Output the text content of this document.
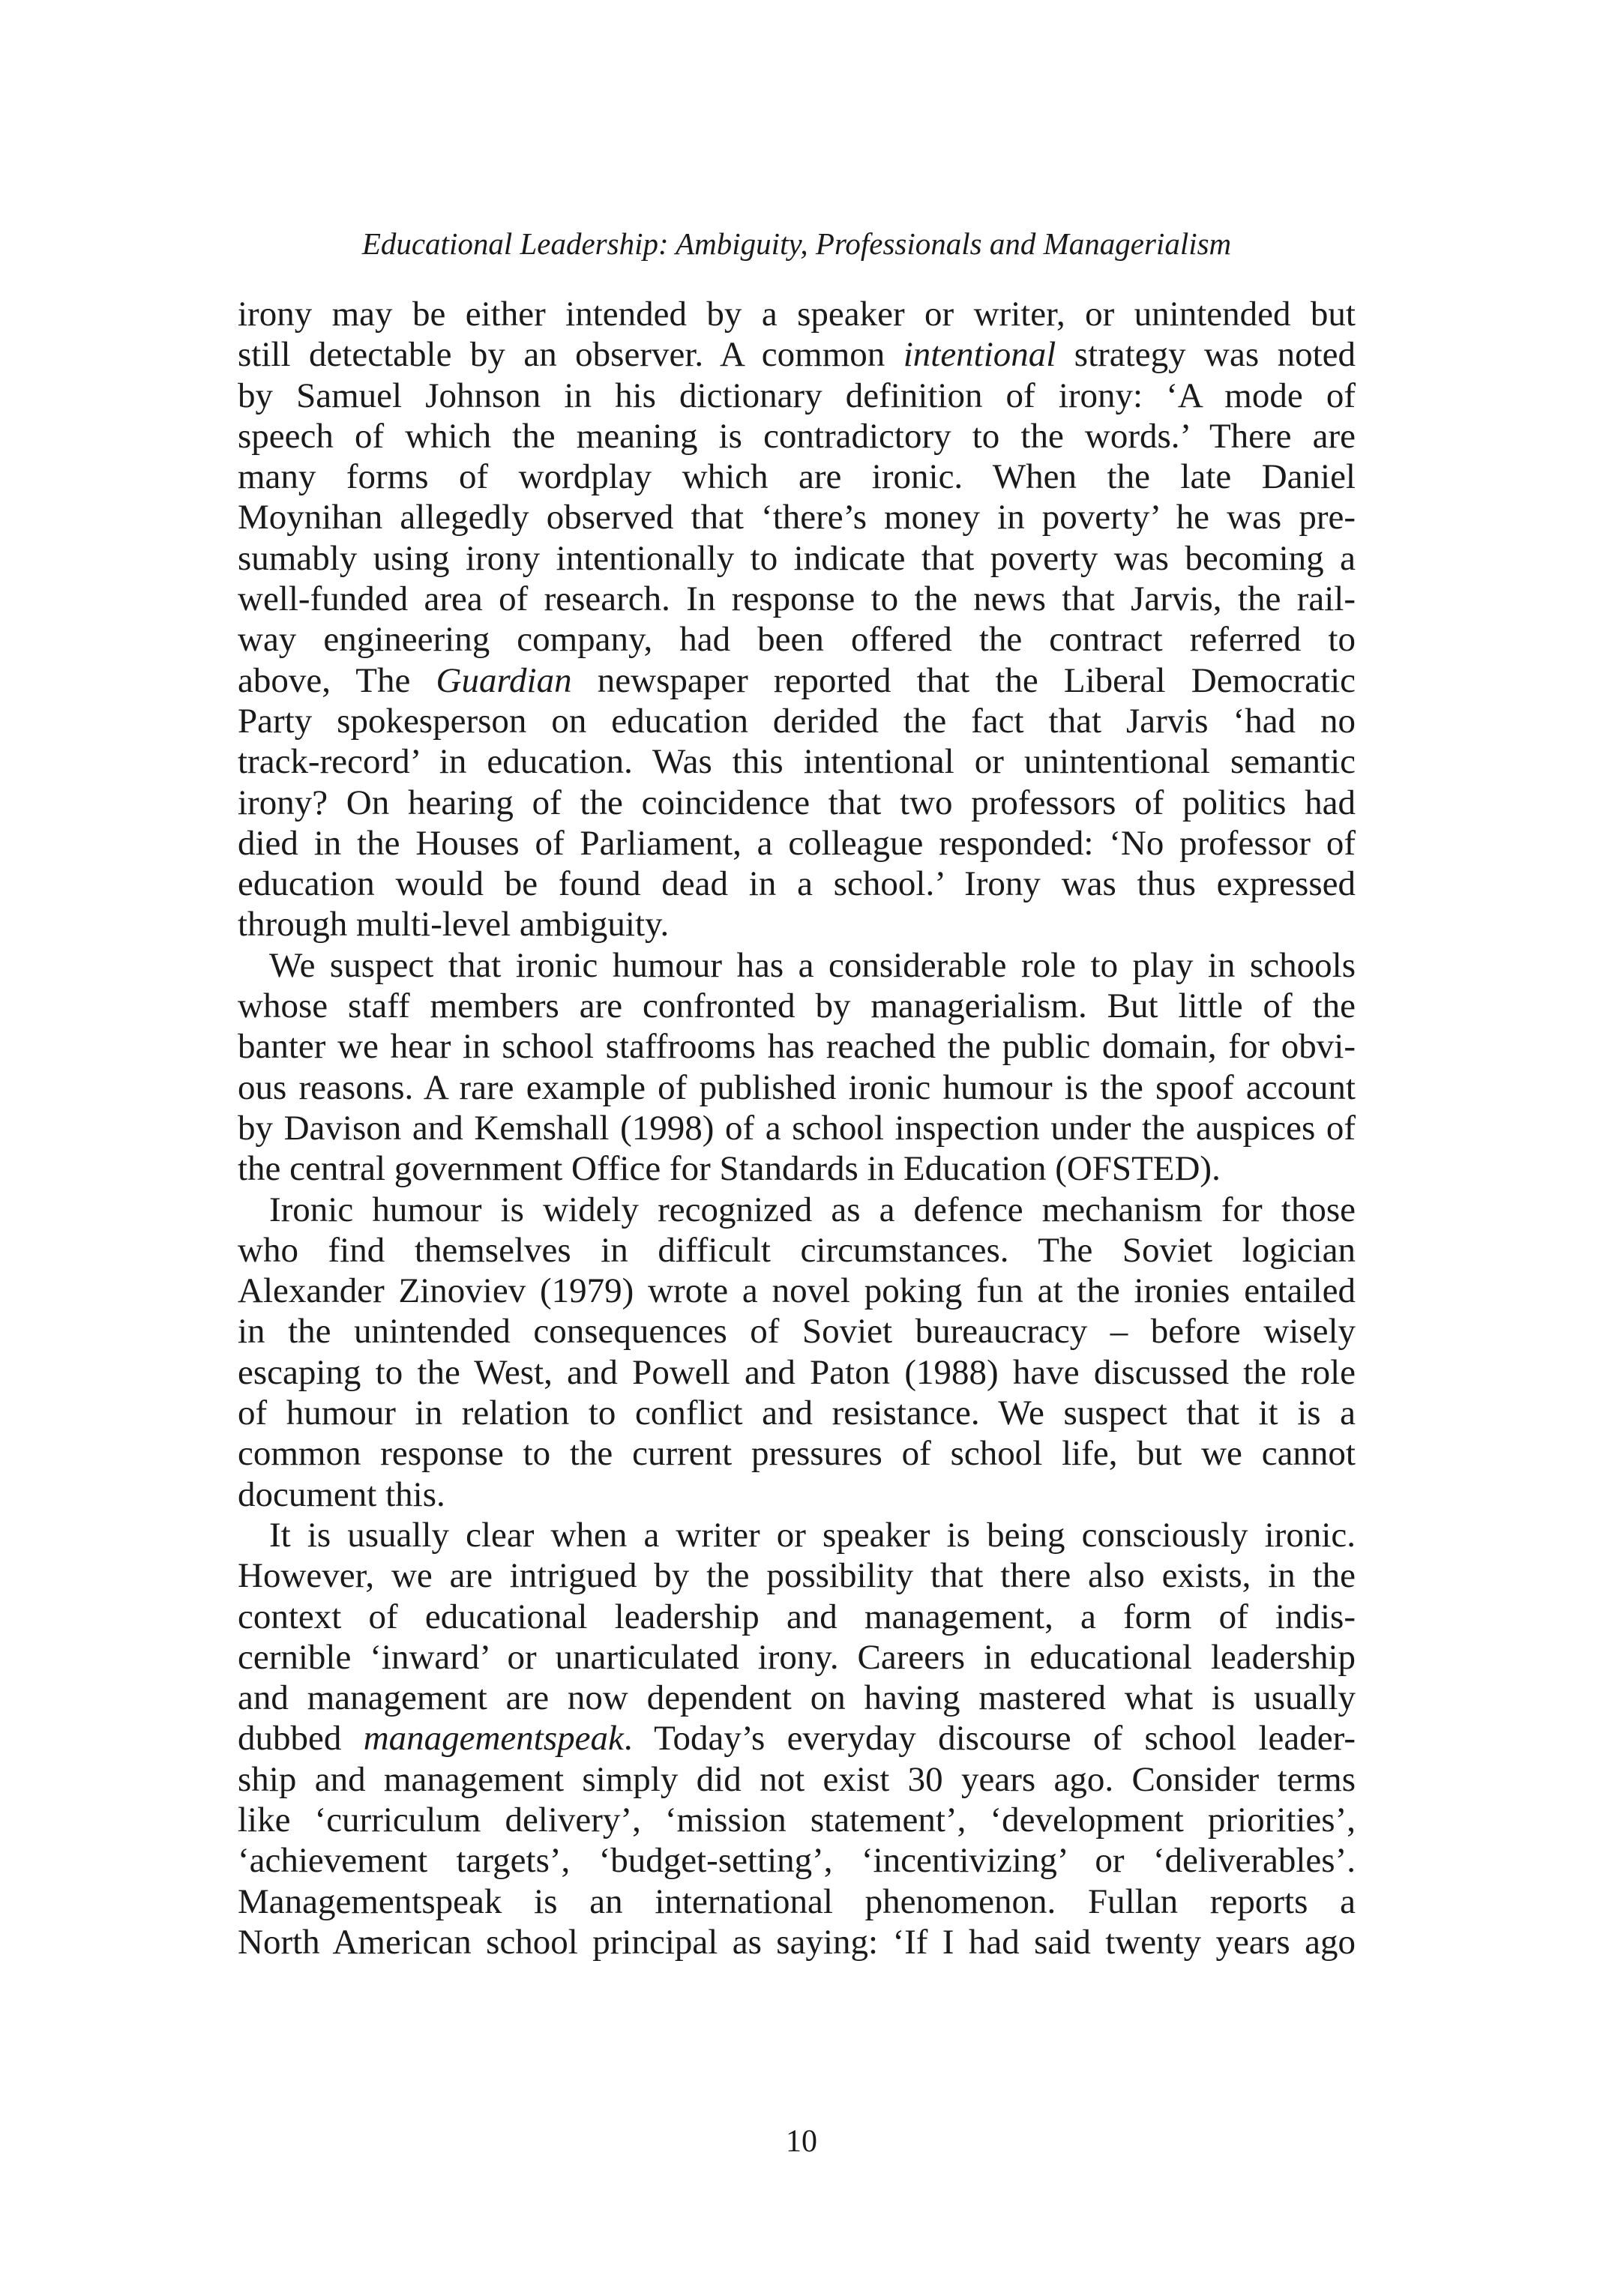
Educational Leadership: Ambiguity, Professionals and Managerialism
irony may be either intended by a speaker or writer, or unintended but
still detectable by an observer. A common intentional strategy was noted
by Samuel Johnson in his dictionary definition of irony: ‘A mode of
speech of which the meaning is contradictory to the words.’ There are
many forms of wordplay which are ironic. When the late Daniel
Moynihan allegedly observed that ‘there’s money in poverty’ he was pre-
sumably using irony intentionally to indicate that poverty was becoming a
well-funded area of research. In response to the news that Jarvis, the rail-
way engineering company, had been offered the contract referred to
above, The Guardian newspaper reported that the Liberal Democratic
Party spokesperson on education derided the fact that Jarvis ‘had no
track-record’ in education. Was this intentional or unintentional semantic
irony? On hearing of the coincidence that two professors of politics had
died in the Houses of Parliament, a colleague responded: ‘No professor of
education would be found dead in a school.’ Irony was thus expressed
through multi-level ambiguity.
We suspect that ironic humour has a considerable role to play in schools
whose staff members are confronted by managerialism. But little of the
banter we hear in school staffrooms has reached the public domain, for obvi-
ous reasons. A rare example of published ironic humour is the spoof account
by Davison and Kemshall (1998) of a school inspection under the auspices of
the central government Office for Standards in Education (OFSTED).
Ironic humour is widely recognized as a defence mechanism for those
who find themselves in difficult circumstances. The Soviet logician
Alexander Zinoviev (1979) wrote a novel poking fun at the ironies entailed
in the unintended consequences of Soviet bureaucracy – before wisely
escaping to the West, and Powell and Paton (1988) have discussed the role
of humour in relation to conflict and resistance. We suspect that it is a
common response to the current pressures of school life, but we cannot
document this.
It is usually clear when a writer or speaker is being consciously ironic.
However, we are intrigued by the possibility that there also exists, in the
context of educational leadership and management, a form of indis-
cernible ‘inward’ or unarticulated irony. Careers in educational leadership
and management are now dependent on having mastered what is usually
dubbed managementspeak. Today’s everyday discourse of school leader-
ship and management simply did not exist 30 years ago. Consider terms
like ‘curriculum delivery’, ‘mission statement’, ‘development priorities’,
‘achievement targets’, ‘budget-setting’, ‘incentivizing’ or ‘deliverables’.
Managementspeak is an international phenomenon. Fullan reports a
North American school principal as saying: ‘If I had said twenty years ago
10
